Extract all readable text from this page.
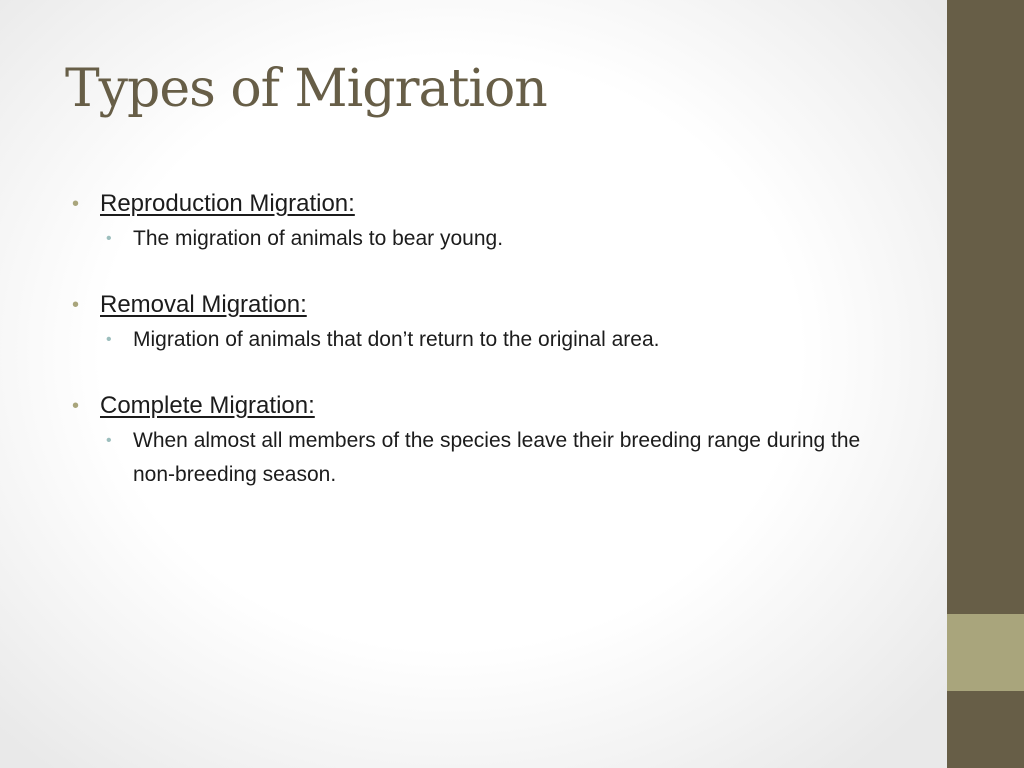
Types of Migration
• Reproduction Migration:
• The migration of animals to bear young.
• Removal Migration:
• Migration of animals that don’t return to the original area.
• Complete Migration:
• When almost all members of the species leave their breeding range during the non-breeding season.
